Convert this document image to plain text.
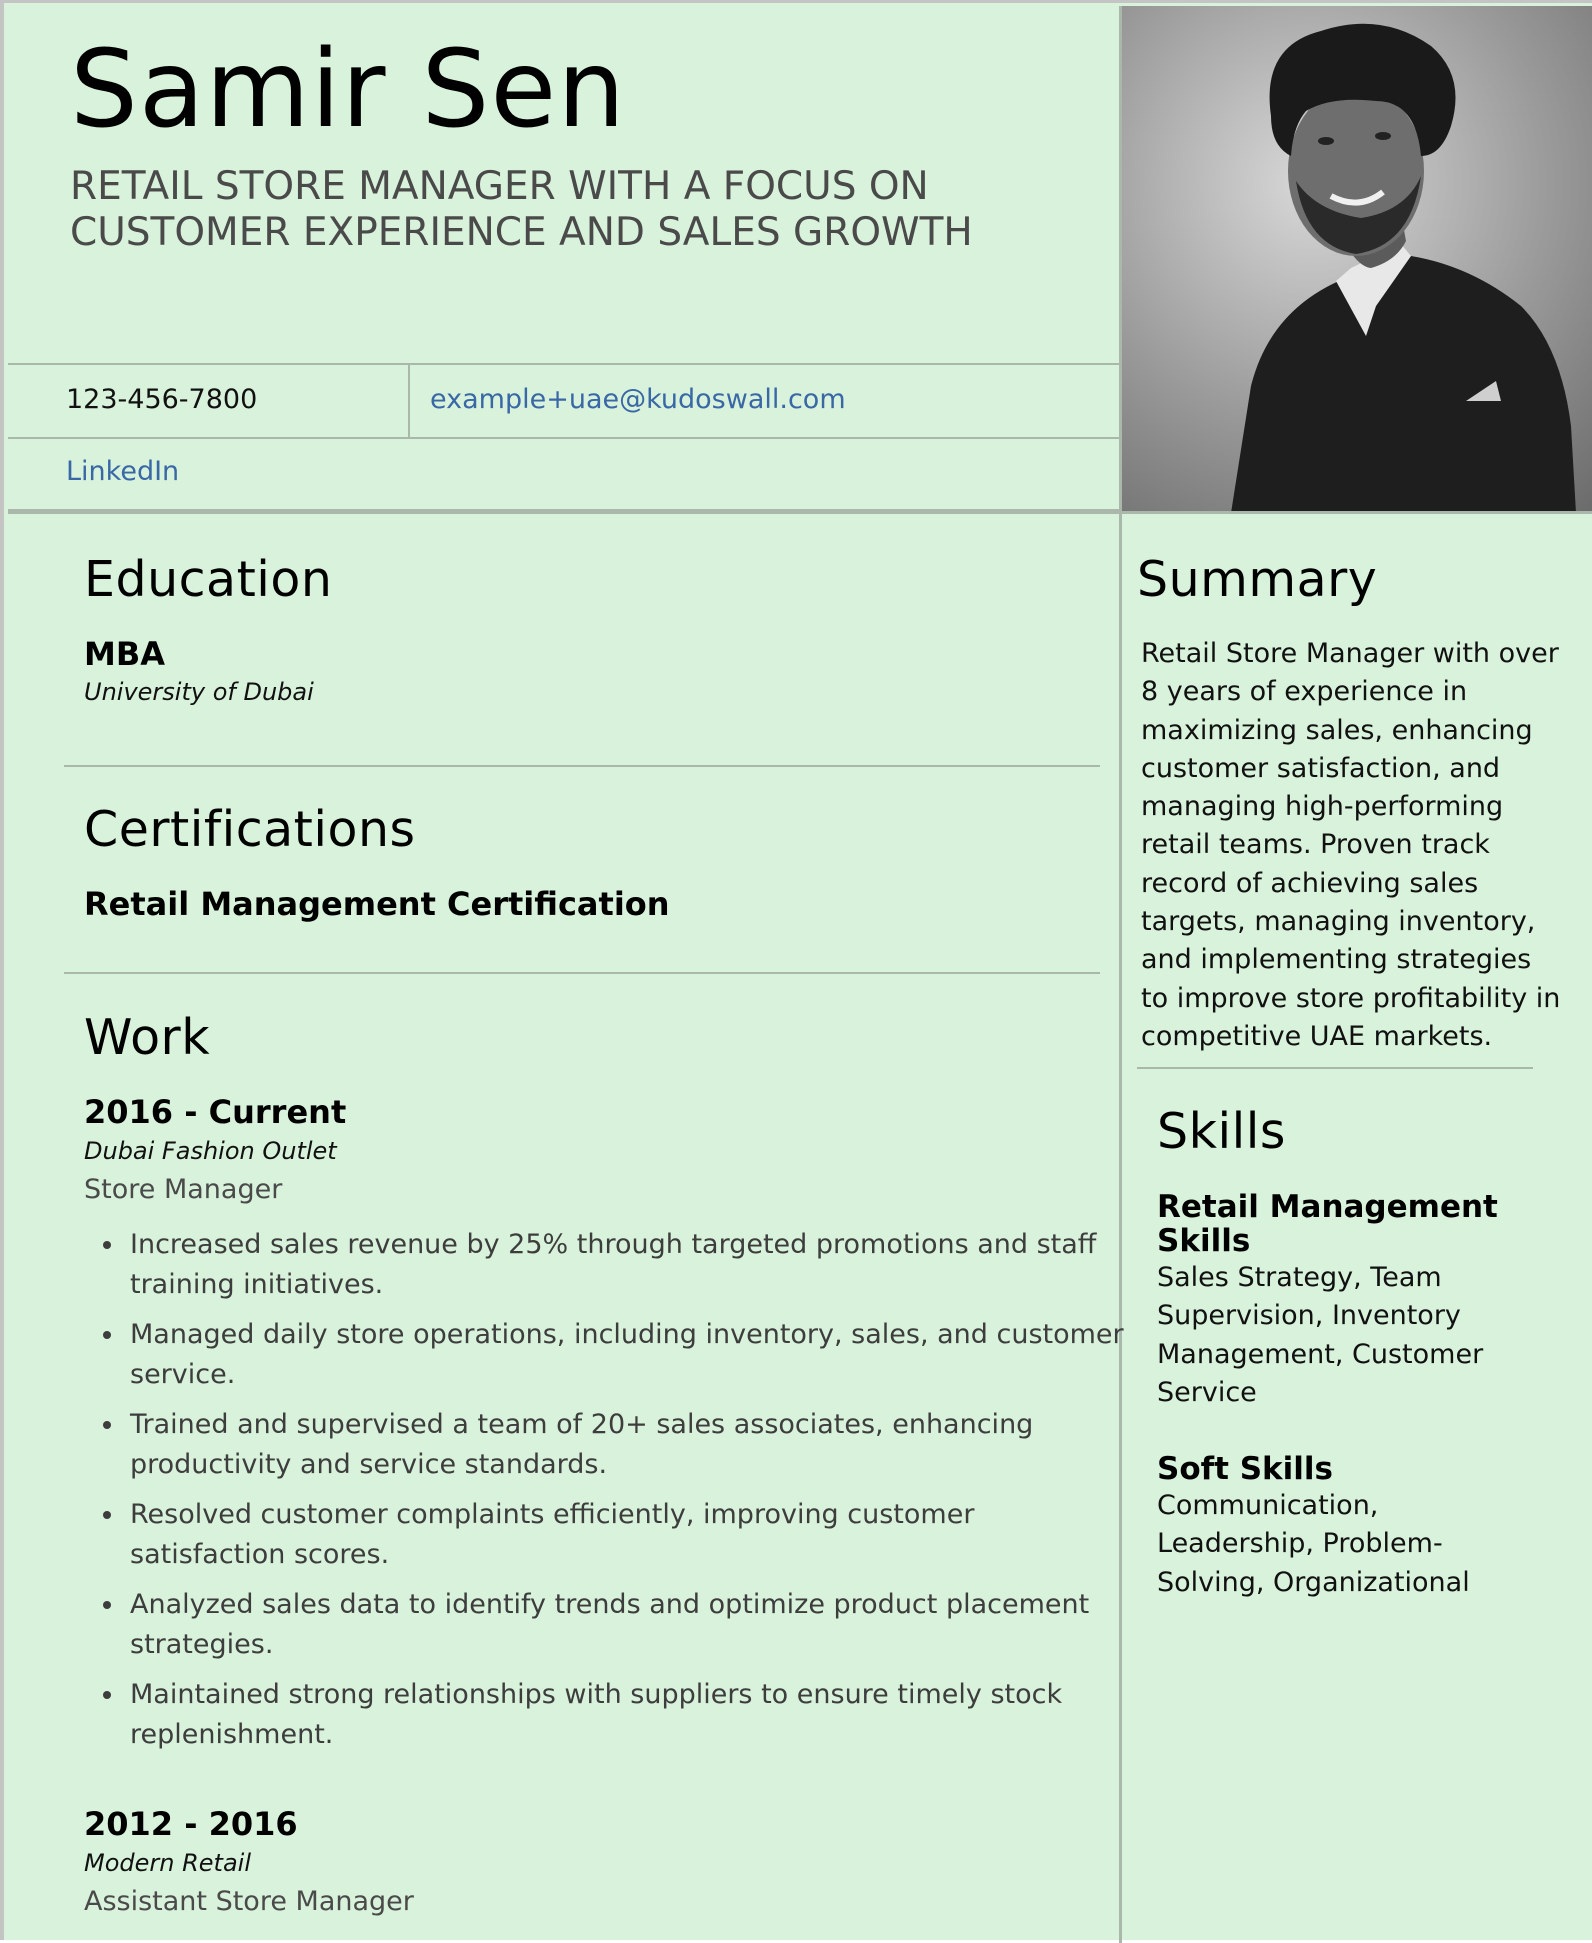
Samir Sen
RETAIL STORE MANAGER WITH A FOCUS ON CUSTOMER EXPERIENCE AND SALES GROWTH
123-456-7800	example+uae@kudoswall.com
LinkedIn
Education
MBA
University of Dubai
Certifications
Retail Management Certification
Work
2016 - Current
Dubai Fashion Outlet
Store Manager
• Increased sales revenue by 25% through targeted promotions and staff training initiatives.
• Managed daily store operations, including inventory, sales, and customer service.
• Trained and supervised a team of 20+ sales associates, enhancing productivity and service standards.
• Resolved customer complaints efficiently, improving customer satisfaction scores.
• Analyzed sales data to identify trends and optimize product placement strategies.
• Maintained strong relationships with suppliers to ensure timely stock replenishment.
2012 - 2016
Modern Retail
Assistant Store Manager
Summary

Retail Store Manager with over 8 years of experience in maximizing sales, enhancing customer satisfaction, and managing high-performing retail teams. Proven track record of achieving sales targets, managing inventory, and implementing strategies to improve store profitability in competitive UAE markets.

Skills
Retail Management Skills

Sales Strategy, Team Supervision, Inventory Management, Customer Service

Soft Skills

Communication, Leadership, Problem-Solving, Organizational
